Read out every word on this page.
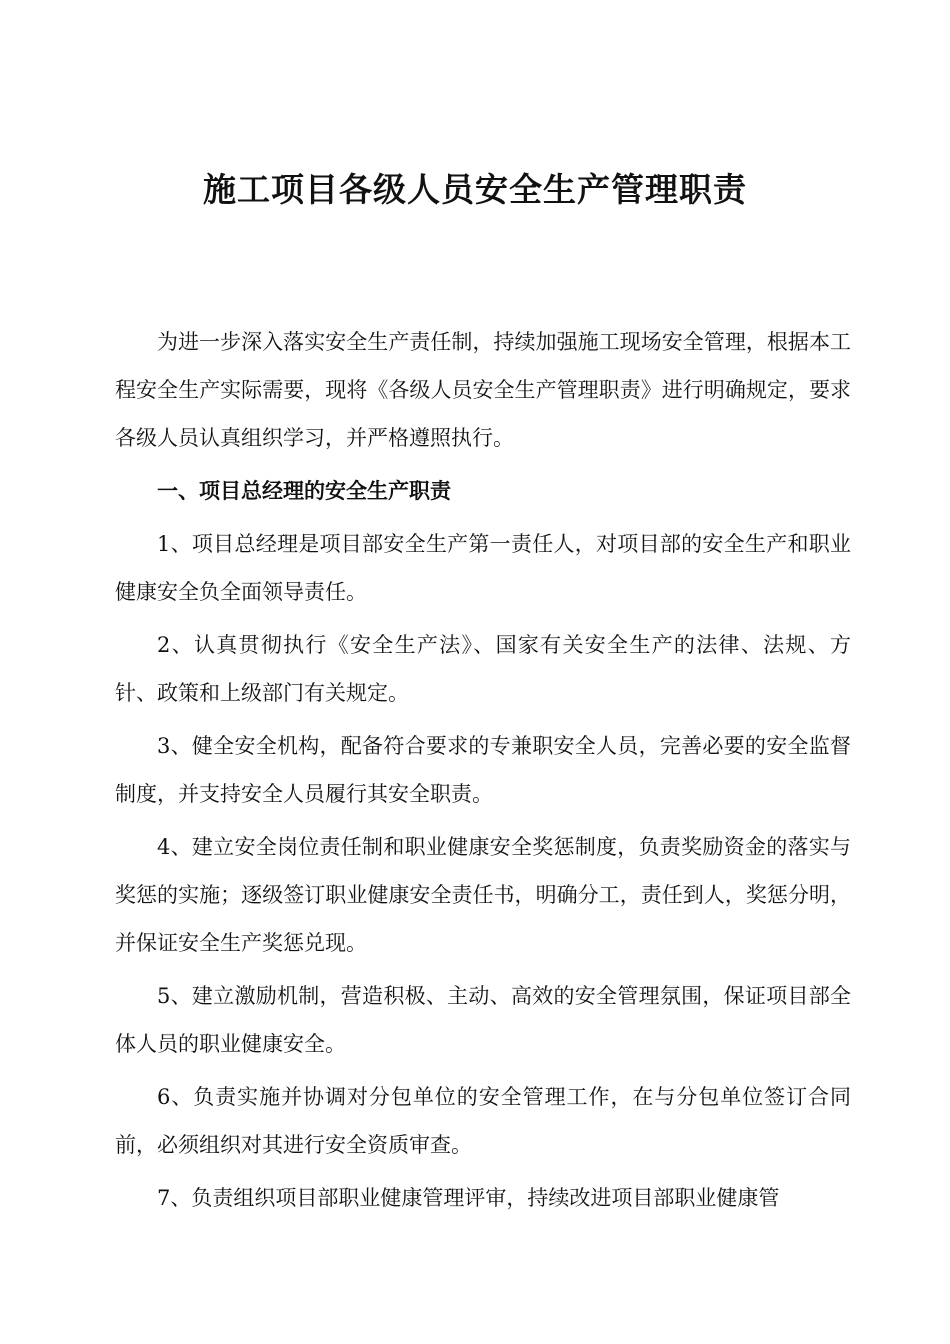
施工项目各级人员安全生产管理职责

为进一步深入落实安全生产责任制，持续加强施工现场安全管理，根据本工程安全生产实际需要，现将《各级人员安全生产管理职责》进行明确规定，要求各级人员认真组织学习，并严格遵照执行。

一、项目总经理的安全生产职责

1、项目总经理是项目部安全生产第一责任人，对项目部的安全生产和职业健康安全负全面领导责任。

2、认真贯彻执行《安全生产法》、国家有关安全生产的法律、法规、方针、政策和上级部门有关规定。

3、健全安全机构，配备符合要求的专兼职安全人员，完善必要的安全监督制度，并支持安全人员履行其安全职责。

4、建立安全岗位责任制和职业健康安全奖惩制度，负责奖励资金的落实与奖惩的实施；逐级签订职业健康安全责任书，明确分工，责任到人，奖惩分明，并保证安全生产奖惩兑现。

5、建立激励机制，营造积极、主动、高效的安全管理氛围，保证项目部全体人员的职业健康安全。

6、负责实施并协调对分包单位的安全管理工作，在与分包单位签订合同前，必须组织对其进行安全资质审查。

7、负责组织项目部职业健康管理评审，持续改进项目部职业健康管
